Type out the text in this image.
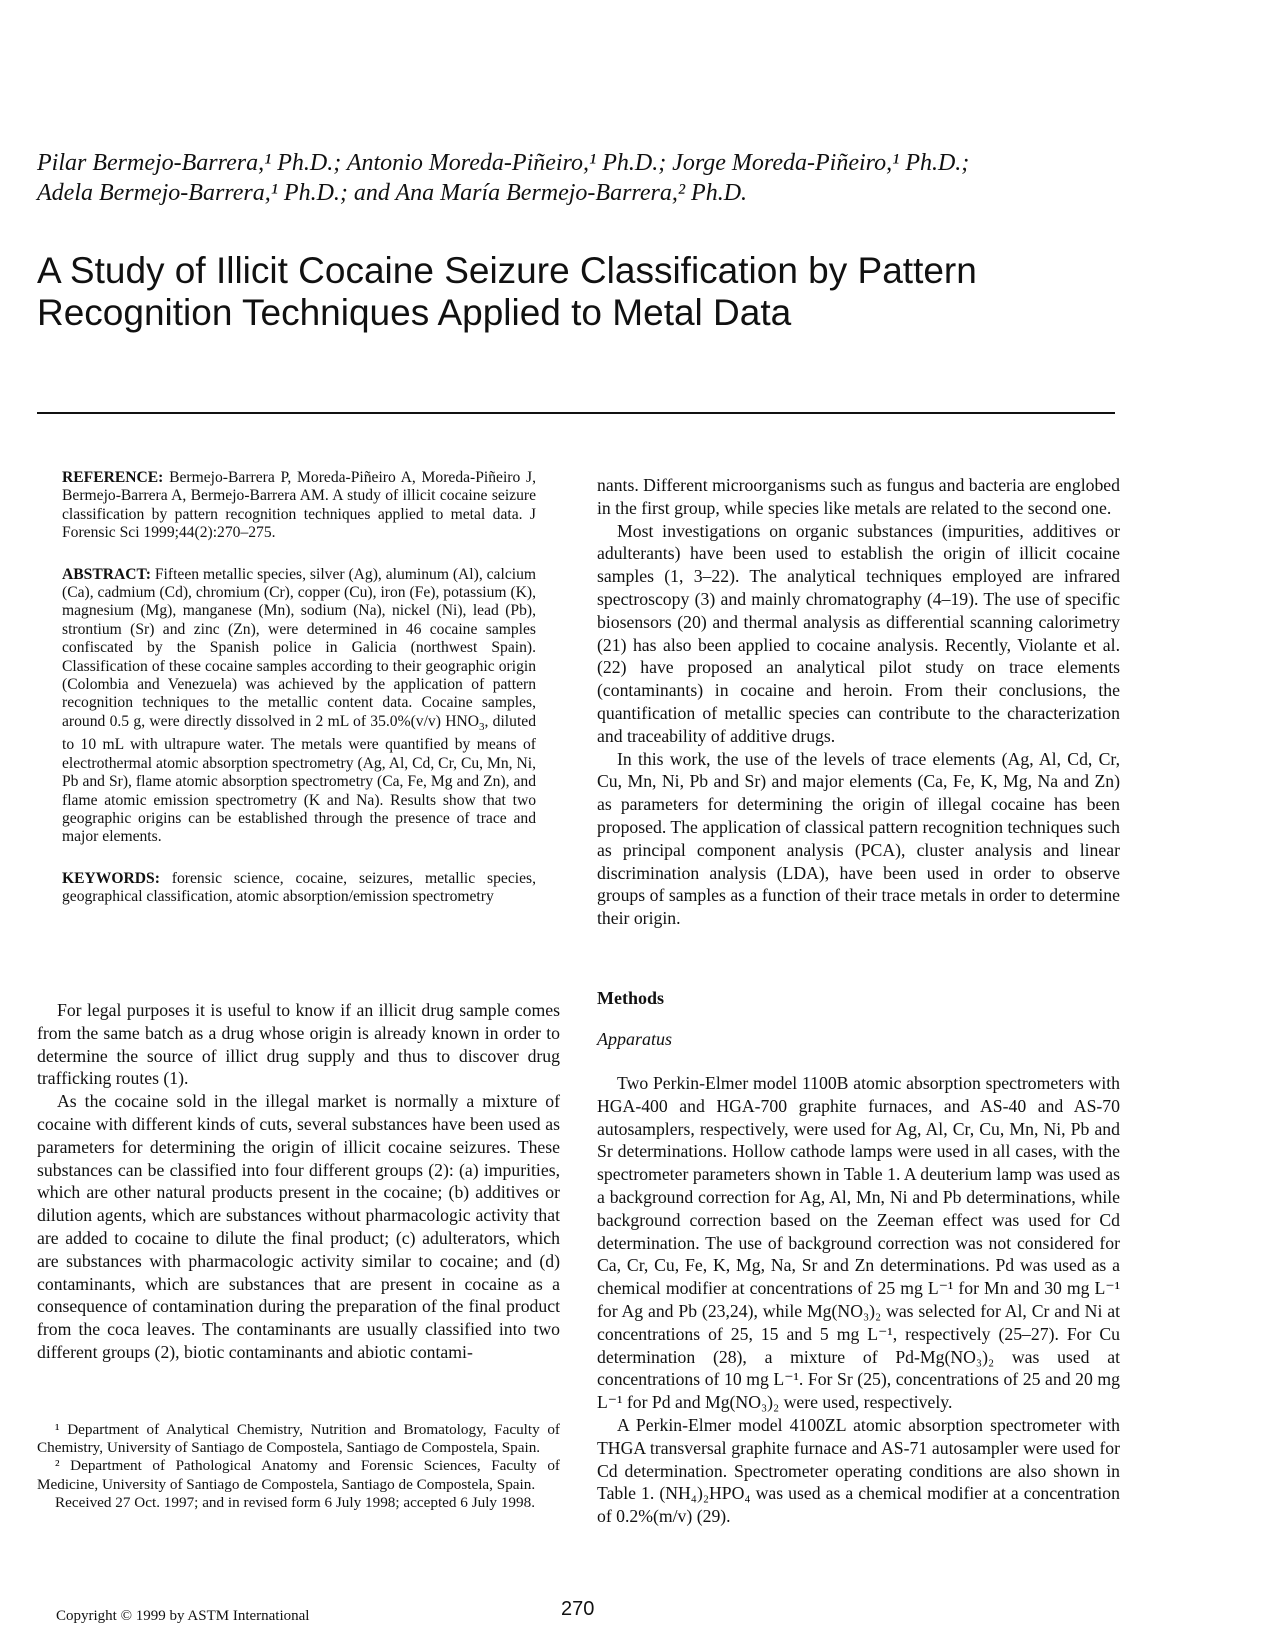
Pilar Bermejo-Barrera,¹ Ph.D.; Antonio Moreda-Piñeiro,¹ Ph.D.; Jorge Moreda-Piñeiro,¹ Ph.D.;
Adela Bermejo-Barrera,¹ Ph.D.; and Ana María Bermejo-Barrera,² Ph.D.
A Study of Illicit Cocaine Seizure Classification by Pattern
Recognition Techniques Applied to Metal Data

REFERENCE: Bermejo-Barrera P, Moreda-Piñeiro A, Moreda-Piñeiro J, Bermejo-Barrera A, Bermejo-Barrera AM. A study of illicit cocaine seizure classification by pattern recognition techniques applied to metal data. J Forensic Sci 1999;44(2):270–275.

ABSTRACT: Fifteen metallic species, silver (Ag), aluminum (Al), calcium (Ca), cadmium (Cd), chromium (Cr), copper (Cu), iron (Fe), potassium (K), magnesium (Mg), manganese (Mn), sodium (Na), nickel (Ni), lead (Pb), strontium (Sr) and zinc (Zn), were determined in 46 cocaine samples confiscated by the Spanish police in Galicia (northwest Spain). Classification of these cocaine samples according to their geographic origin (Colombia and Venezuela) was achieved by the application of pattern recognition techniques to the metallic content data. Cocaine samples, around 0.5 g, were directly dissolved in 2 mL of 35.0%(v/v) $HNO_3$, diluted to 10 mL with ultrapure water. The metals were quantified by means of electrothermal atomic absorption spectrometry (Ag, Al, Cd, Cr, Cu, Mn, Ni, Pb and Sr), flame atomic absorption spectrometry (Ca, Fe, Mg and Zn), and flame atomic emission spectrometry (K and Na). Results show that two geographic origins can be established through the presence of trace and major elements.

KEYWORDS: forensic science, cocaine, seizures, metallic species, geographical classification, atomic absorption/emission spectrometry

For legal purposes it is useful to know if an illicit drug sample comes from the same batch as a drug whose origin is already known in order to determine the source of illict drug supply and thus to discover drug trafficking routes (1).

As the cocaine sold in the illegal market is normally a mixture of cocaine with different kinds of cuts, several substances have been used as parameters for determining the origin of illicit cocaine seizures. These substances can be classified into four different groups (2): (a) impurities, which are other natural products present in the cocaine; (b) additives or dilution agents, which are substances without pharmacologic activity that are added to cocaine to dilute the final product; (c) adulterators, which are substances with pharmacologic activity similar to cocaine; and (d) contaminants, which are substances that are present in cocaine as a consequence of contamination during the preparation of the final product from the coca leaves. The contaminants are usually classified into two different groups (2), biotic contaminants and abiotic contami-

¹ Department of Analytical Chemistry, Nutrition and Bromatology, Faculty of Chemistry, University of Santiago de Compostela, Santiago de Compostela, Spain.

² Department of Pathological Anatomy and Forensic Sciences, Faculty of Medicine, University of Santiago de Compostela, Santiago de Compostela, Spain.

Received 27 Oct. 1997; and in revised form 6 July 1998; accepted 6 July 1998.

nants. Different microorganisms such as fungus and bacteria are englobed in the first group, while species like metals are related to the second one.

Most investigations on organic substances (impurities, additives or adulterants) have been used to establish the origin of illicit cocaine samples (1, 3–22). The analytical techniques employed are infrared spectroscopy (3) and mainly chromatography (4–19). The use of specific biosensors (20) and thermal analysis as differential scanning calorimetry (21) has also been applied to cocaine analysis. Recently, Violante et al. (22) have proposed an analytical pilot study on trace elements (contaminants) in cocaine and heroin. From their conclusions, the quantification of metallic species can contribute to the characterization and traceability of additive drugs.

In this work, the use of the levels of trace elements (Ag, Al, Cd, Cr, Cu, Mn, Ni, Pb and Sr) and major elements (Ca, Fe, K, Mg, Na and Zn) as parameters for determining the origin of illegal cocaine has been proposed. The application of classical pattern recognition techniques such as principal component analysis (PCA), cluster analysis and linear discrimination analysis (LDA), have been used in order to observe groups of samples as a function of their trace metals in order to determine their origin.

Methods
Apparatus

Two Perkin-Elmer model 1100B atomic absorption spectrometers with HGA-400 and HGA-700 graphite furnaces, and AS-40 and AS-70 autosamplers, respectively, were used for Ag, Al, Cr, Cu, Mn, Ni, Pb and Sr determinations. Hollow cathode lamps were used in all cases, with the spectrometer parameters shown in Table 1. A deuterium lamp was used as a background correction for Ag, Al, Mn, Ni and Pb determinations, while background correction based on the Zeeman effect was used for Cd determination. The use of background correction was not considered for Ca, Cr, Cu, Fe, K, Mg, Na, Sr and Zn determinations. Pd was used as a chemical modifier at concentrations of 25 mg L⁻¹ for Mn and 30 mg L⁻¹ for Ag and Pb (23,24), while Mg(NO₃)₂ was selected for Al, Cr and Ni at concentrations of 25, 15 and 5 mg L⁻¹, respectively (25–27). For Cu determination (28), a mixture of Pd-Mg(NO₃)₂ was used at concentrations of 10 mg L⁻¹. For Sr (25), concentrations of 25 and 20 mg L⁻¹ for Pd and Mg(NO₃)₂ were used, respectively.

A Perkin-Elmer model 4100ZL atomic absorption spectrometer with THGA transversal graphite furnace and AS-71 autosampler were used for Cd determination. Spectrometer operating conditions are also shown in Table 1. (NH₄)₂HPO₄ was used as a chemical modifier at a concentration of 0.2%(m/v) (29).

Copyright © 1999 by ASTM International	270
